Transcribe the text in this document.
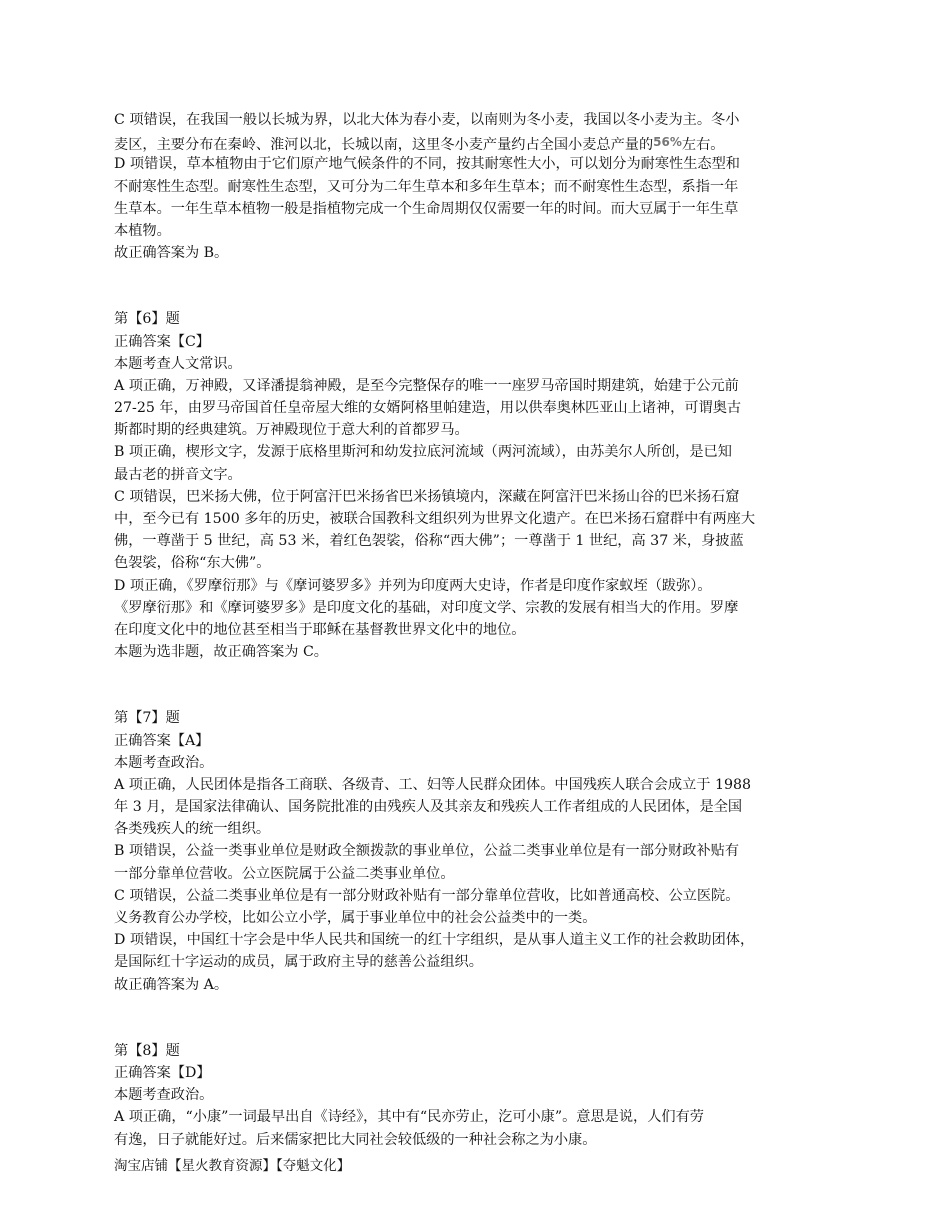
C 项错误，在我国一般以长城为界，以北大体为春小麦，以南则为冬小麦，我国以冬小麦为主。冬小
麦区，主要分布在秦岭、淮河以北，长城以南，这里冬小麦产量约占全国小麦总产量的$^{56\%}$左右。
D 项错误，草本植物由于它们原产地气候条件的不同，按其耐寒性大小，可以划分为耐寒性生态型和
不耐寒性生态型。耐寒性生态型，又可分为二年生草本和多年生草本；而不耐寒性生态型，系指一年
生草本。一年生草本植物一般是指植物完成一个生命周期仅仅需要一年的时间。而大豆属于一年生草
本植物。
故正确答案为 B。
第【6】题
正确答案【C】
本题考查人文常识。
A 项正确，万神殿，又译潘提翁神殿，是至今完整保存的唯一一座罗马帝国时期建筑，始建于公元前
27-25 年，由罗马帝国首任皇帝屋大维的女婿阿格里帕建造，用以供奉奥林匹亚山上诸神，可谓奥古
斯都时期的经典建筑。万神殿现位于意大利的首都罗马。
B 项正确，楔形文字，发源于底格里斯河和幼发拉底河流域（两河流域），由苏美尔人所创，是已知
最古老的拼音文字。
C 项错误，巴米扬大佛，位于阿富汗巴米扬省巴米扬镇境内，深藏在阿富汗巴米扬山谷的巴米扬石窟
中，至今已有 1500 多年的历史，被联合国教科文组织列为世界文化遗产。在巴米扬石窟群中有两座大
佛，一尊凿于 5 世纪，高 53 米，着红色袈裟，俗称“西大佛”；一尊凿于 1 世纪，高 37 米，身披蓝
色袈裟，俗称“东大佛”。
D 项正确，《罗摩衍那》与《摩诃婆罗多》并列为印度两大史诗，作者是印度作家蚁垤（跋弥）。
《罗摩衍那》和《摩诃婆罗多》是印度文化的基础，对印度文学、宗教的发展有相当大的作用。罗摩
在印度文化中的地位甚至相当于耶稣在基督教世界文化中的地位。
本题为选非题，故正确答案为 C。
第【7】题
正确答案【A】
本题考查政治。
A 项正确，人民团体是指各工商联、各级青、工、妇等人民群众团体。中国残疾人联合会成立于 1988
年 3 月，是国家法律确认、国务院批准的由残疾人及其亲友和残疾人工作者组成的人民团体，是全国
各类残疾人的统一组织。
B 项错误，公益一类事业单位是财政全额拨款的事业单位，公益二类事业单位是有一部分财政补贴有
一部分靠单位营收。公立医院属于公益二类事业单位。
C 项错误，公益二类事业单位是有一部分财政补贴有一部分靠单位营收，比如普通高校、公立医院。
义务教育公办学校，比如公立小学，属于事业单位中的社会公益类中的一类。
D 项错误，中国红十字会是中华人民共和国统一的红十字组织，是从事人道主义工作的社会救助团体，
是国际红十字运动的成员，属于政府主导的慈善公益组织。
故正确答案为 A。
第【8】题
正确答案【D】
本题考查政治。
A 项正确，“小康”一词最早出自《诗经》，其中有“民亦劳止，汔可小康”。意思是说，人们有劳
有逸，日子就能好过。后来儒家把比大同社会较低级的一种社会称之为小康。
淘宝店铺【星火教育资源】【夺魁文化】
